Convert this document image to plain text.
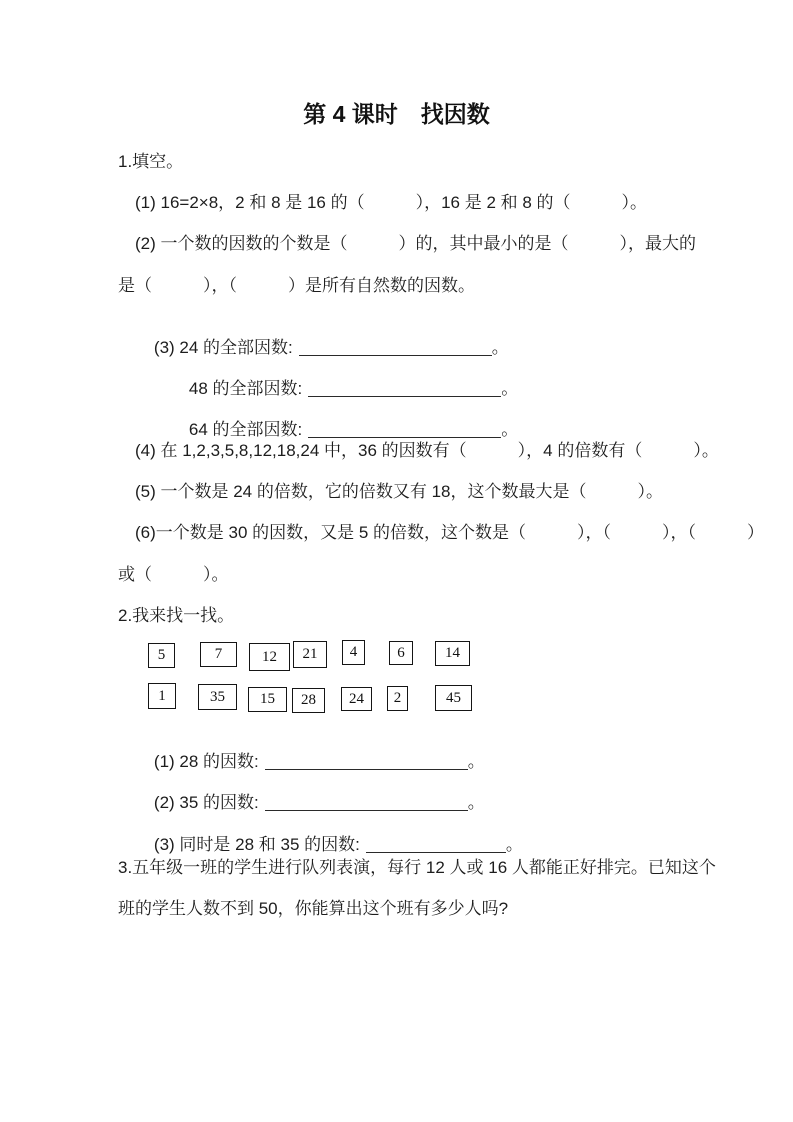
第 4 课时　找因数
1.填空。
(1) 16=2×8，2 和 8 是 16 的（　　　），16 是 2 和 8 的（　　　）。
(2) 一个数的因数的个数是（　　　）的，其中最小的是（　　　），最大的
是（　　　），（　　　）是所有自然数的因数。

(3) 24 的全部因数:	。

48 的全部因数:	。

64 的全部因数:	。

(4) 在 1,2,3,5,8,12,18,24 中，36 的因数有（　　　），4 的倍数有（　　　）。
(5) 一个数是 24 的倍数，它的倍数又有 18，这个数最大是（　　　）。
(6)一个数是 30 的因数，又是 5 的倍数，这个数是（　　　），（　　　），（　　　）
或（　　　）。
2.我来找一找。
5	7	12	21	4	6	14
1	35	15	28	24	2	45

(1) 28 的因数:	。

(2) 35 的因数:	。

(3) 同时是 28 和 35 的因数:	。

3.五年级一班的学生进行队列表演，每行 12 人或 16 人都能正好排完。已知这个
班的学生人数不到 50，你能算出这个班有多少人吗?
